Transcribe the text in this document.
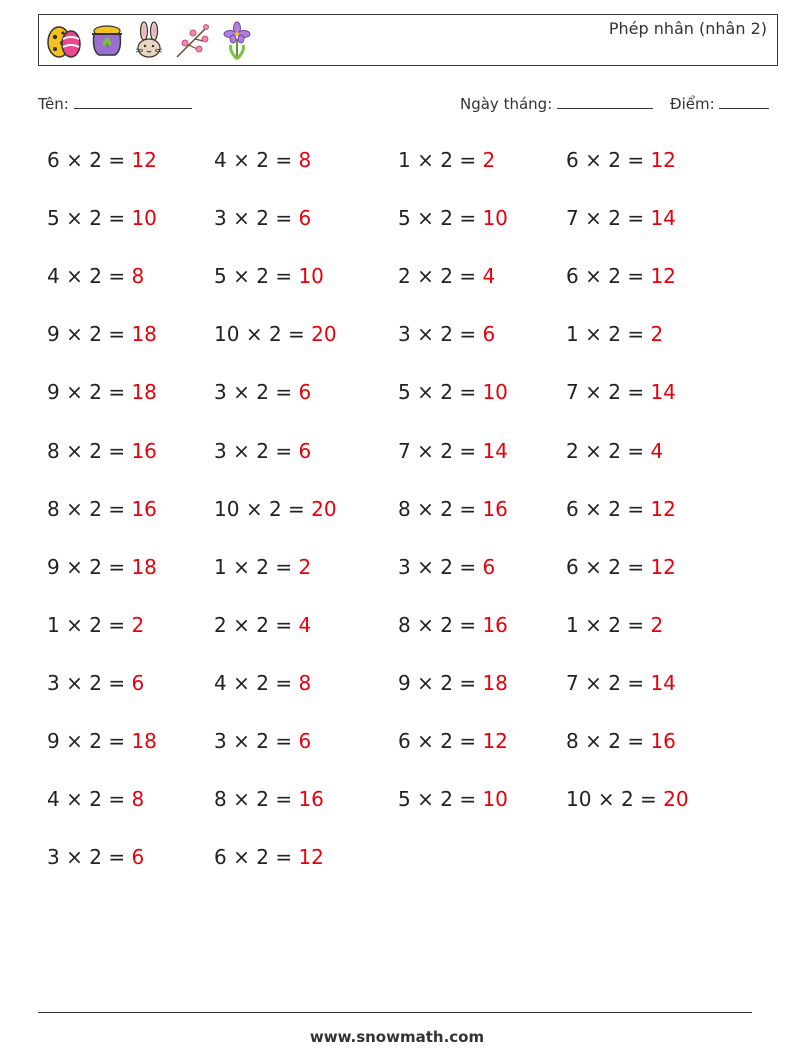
Phép nhân (nhân 2)
Tên:	Ngày tháng:	Điểm:
6 × 2 = 12
5 × 2 = 10
4 × 2 = 8
9 × 2 = 18
9 × 2 = 18
8 × 2 = 16
8 × 2 = 16
9 × 2 = 18
1 × 2 = 2
3 × 2 = 6
9 × 2 = 18
4 × 2 = 8
3 × 2 = 6
4 × 2 = 8
3 × 2 = 6
5 × 2 = 10
10 × 2 = 20
3 × 2 = 6
3 × 2 = 6
10 × 2 = 20
1 × 2 = 2
2 × 2 = 4
4 × 2 = 8
3 × 2 = 6
8 × 2 = 16
6 × 2 = 12
1 × 2 = 2
5 × 2 = 10
2 × 2 = 4
3 × 2 = 6
5 × 2 = 10
7 × 2 = 14
8 × 2 = 16
3 × 2 = 6
8 × 2 = 16
9 × 2 = 18
6 × 2 = 12
5 × 2 = 10
6 × 2 = 12
7 × 2 = 14
6 × 2 = 12
1 × 2 = 2
7 × 2 = 14
2 × 2 = 4
6 × 2 = 12
6 × 2 = 12
1 × 2 = 2
7 × 2 = 14
8 × 2 = 16
10 × 2 = 20
www.snowmath.com
